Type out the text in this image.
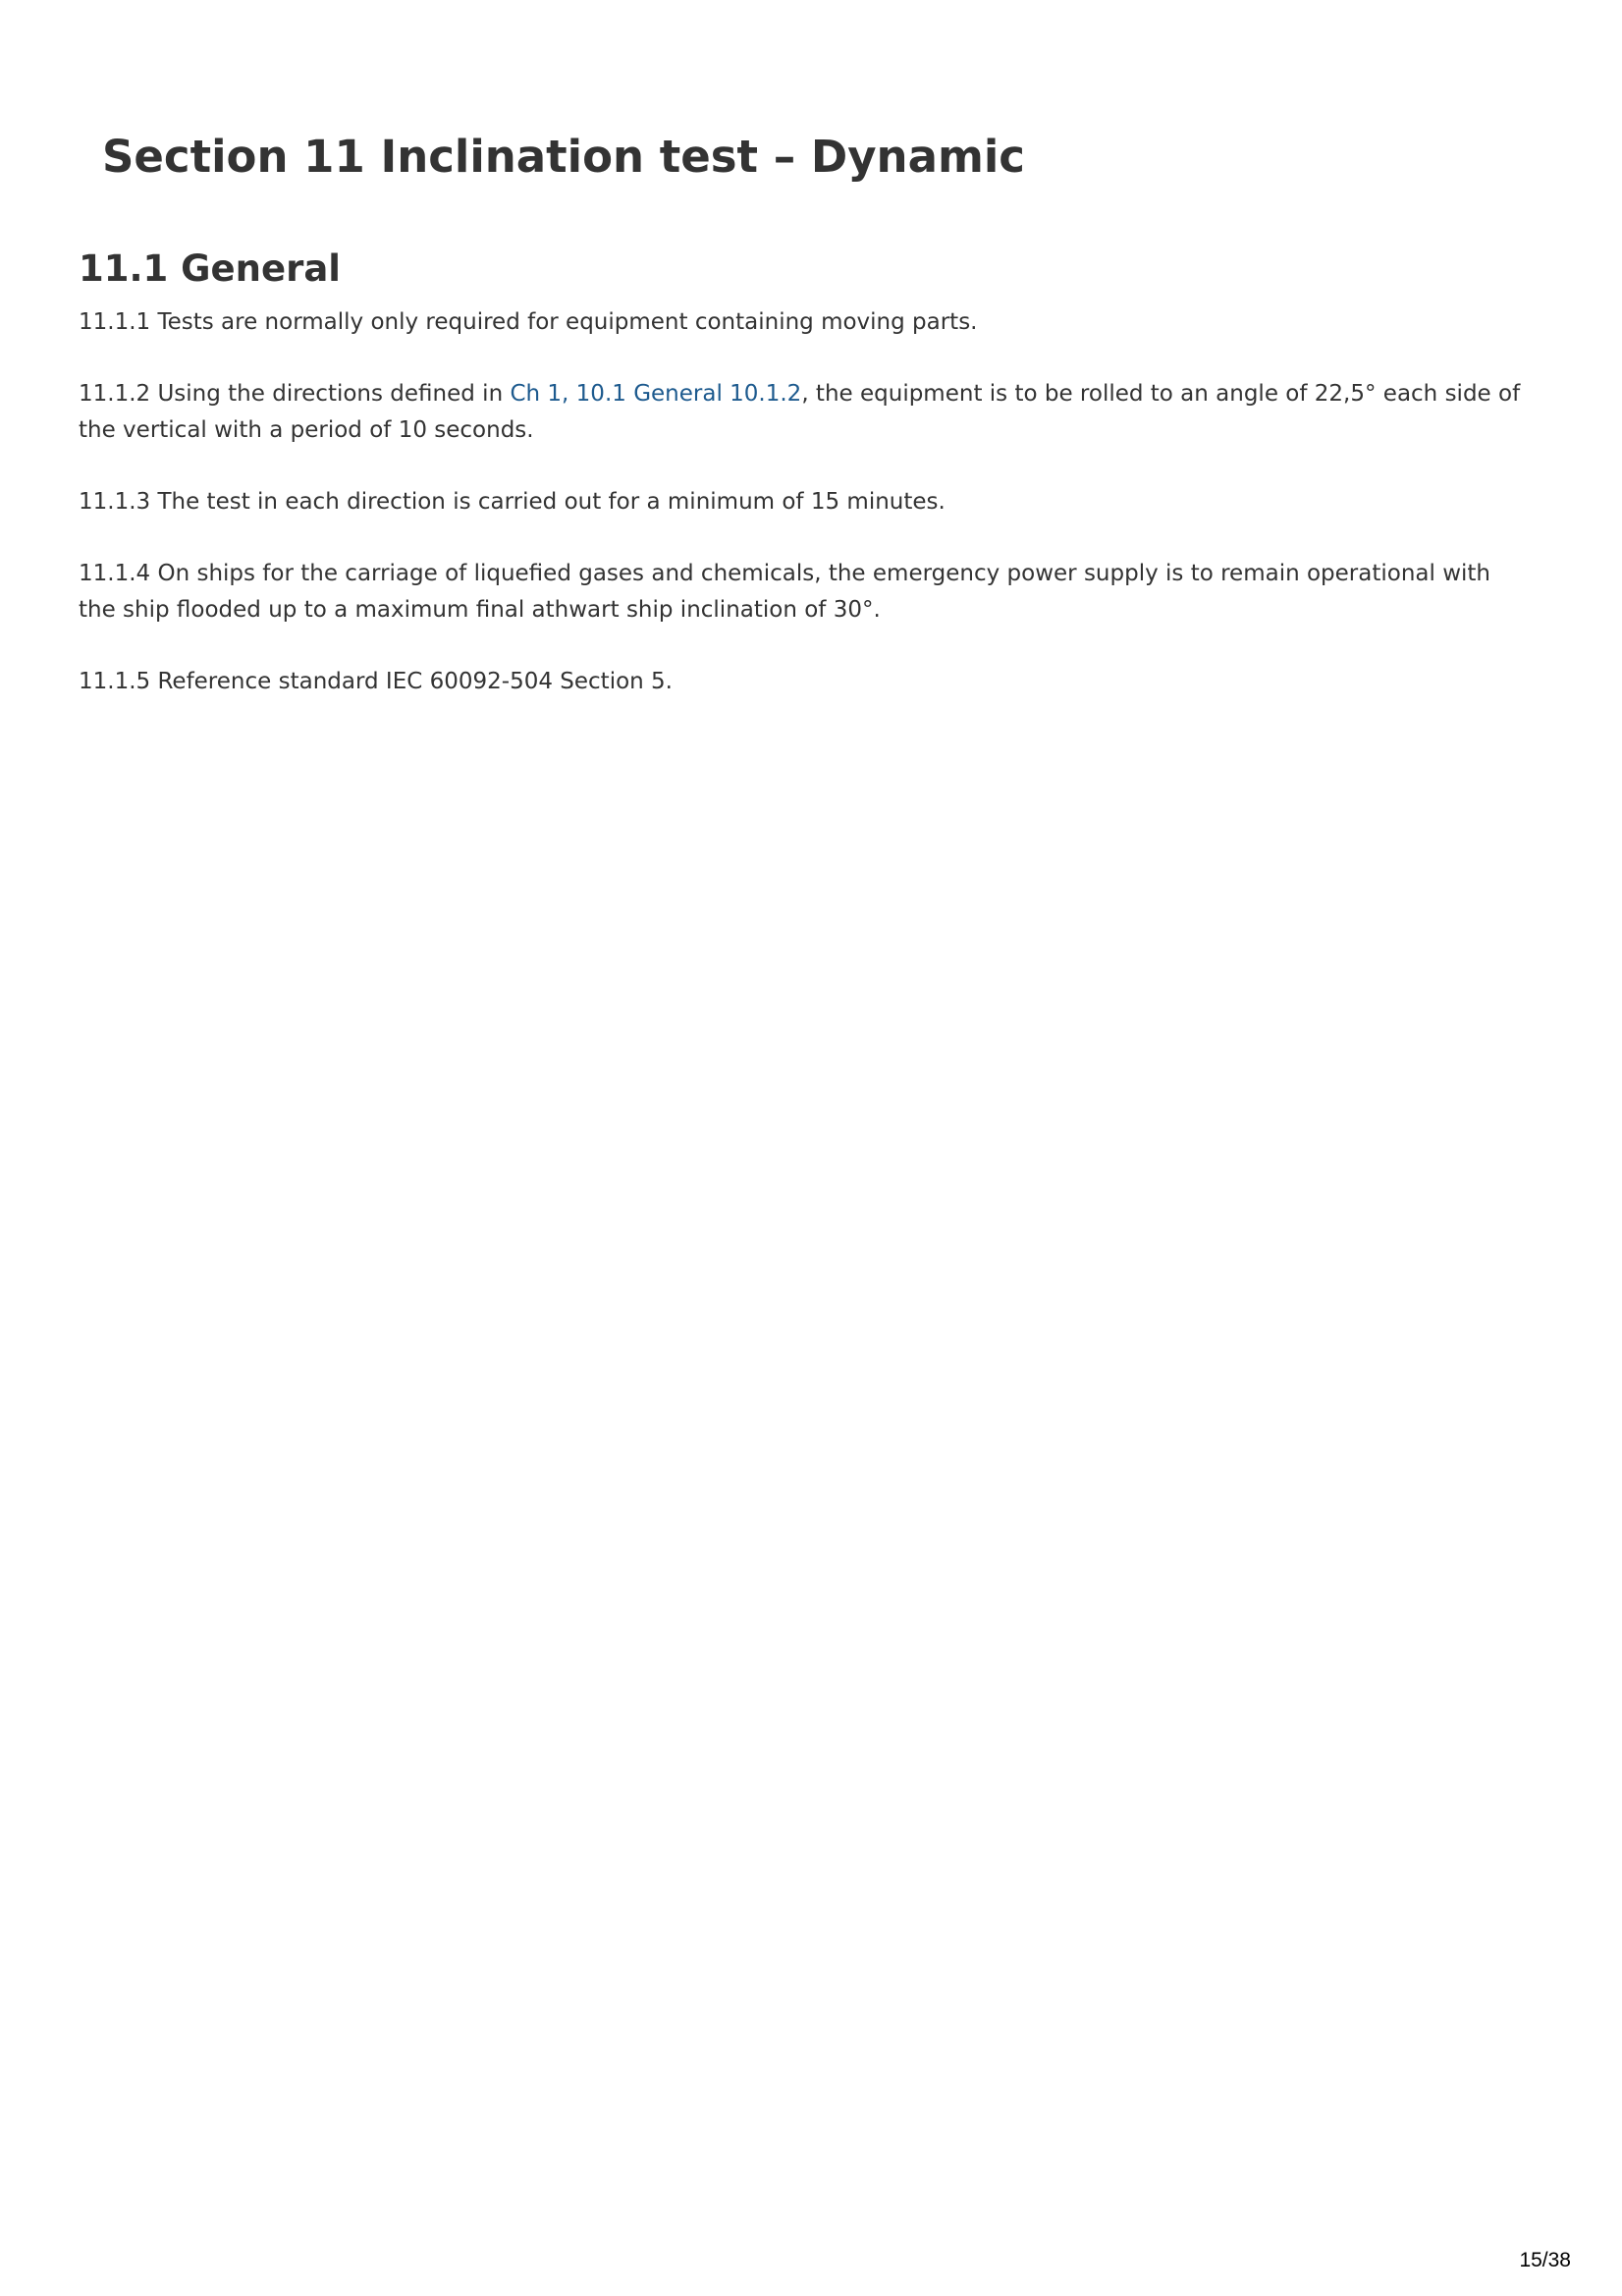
Section 11 Inclination test – Dynamic
11.1 General

11.1.1 Tests are normally only required for equipment containing moving parts.

11.1.2 Using the directions defined in Ch 1, 10.1 General 10.1.2, the equipment is to be rolled to an angle of 22,5° each side of the vertical with a period of 10 seconds.

11.1.3 The test in each direction is carried out for a minimum of 15 minutes.

11.1.4 On ships for the carriage of liquefied gases and chemicals, the emergency power supply is to remain operational with the ship flooded up to a maximum final athwart ship inclination of 30°.

11.1.5 Reference standard IEC 60092-504 Section 5.

15/38
